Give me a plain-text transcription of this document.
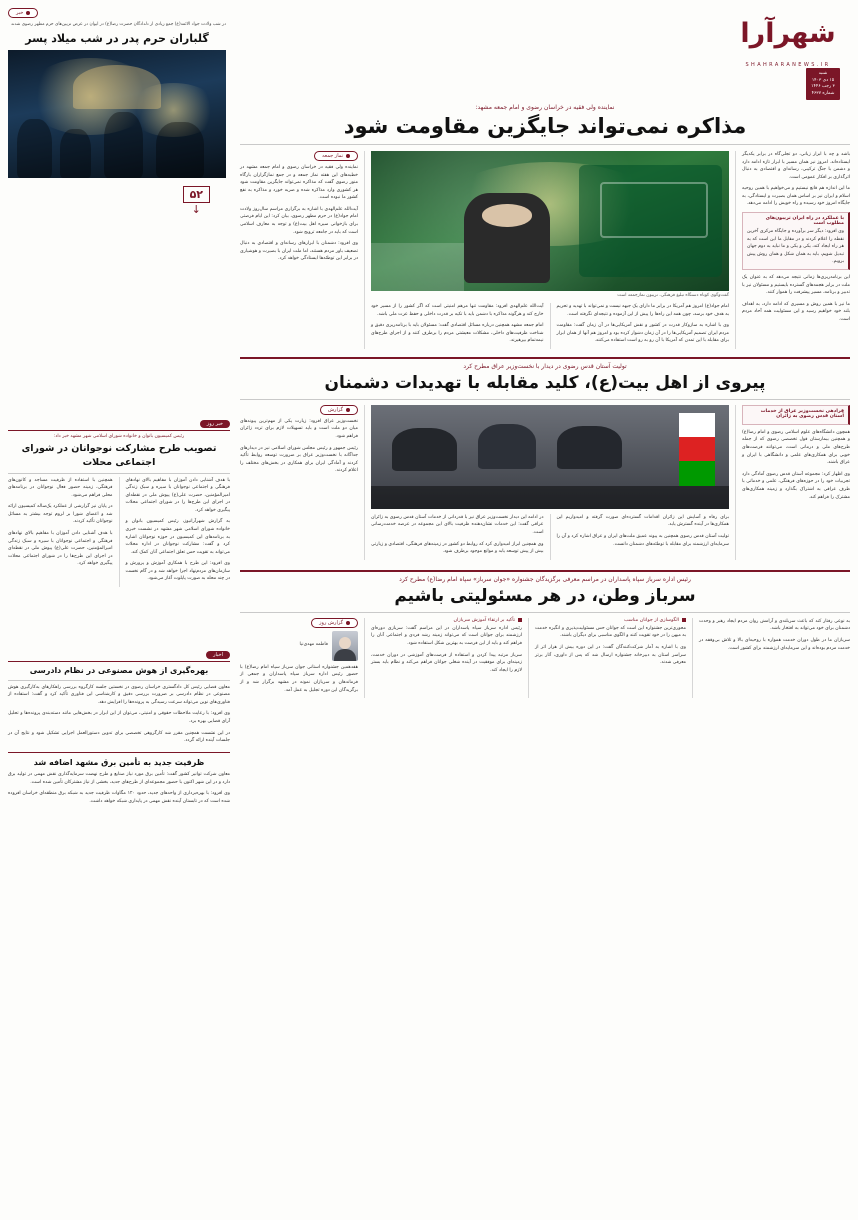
شهرآرا
SHAHRARANEWS.IR
شنبه
۱۵ دی ۱۴۰۳
۳ رجب ۱۴۴۶
شماره ۴۶۳۷
۵۲
↓
خبر
در شب ولادت جواد الائمه(ع) جمع زیادی از دلدادگان حضرت رضا(ع) در ایوان در عرض تزیین‌های حرم مطهر رضوی شدند
گلباران حرم پدر در شب میلاد پسر
نماینده ولی فقیه در خراسان رضوی و امام جمعه مشهد:
مذاکره نمی‌تواند جایگزین مقاومت شود

باشد و چه با ابزار زبانی، دو تجلی‌گاه در برابر یکدیگر ایستاده‌اند. امروز نیز همان مسیر با ابزار تازه ادامه دارد و دشمن با جنگ ترکیبی، رسانه‌ای و اقتصادی به دنبال اثرگذاری بر افکار عمومی است.

ما این اندازه هم قانع نیستیم و می‌خواهیم با همین روحیه اسلام و ایران نیز بر اساس همان بصیرت و ایستادگی، به جایگاه امروز خود رسیده و راه خویش را ادامه می‌دهد.

با عملکرد در راه ایران تریبون‌های مطلوب است
وی افزود: دیگر سر برآورده و جایگاه مرکزی آخرین نقطه را اعلام کردند و در مقابل ما این است که به هر راه ایجاد کند، یکی و یکی و ما نباید به دوم جهان تبدیل شویم، باید به همان شکل و همان روش پیش برویم.

این برنامه‌ریزی‌ها زمانی نتیجه می‌دهد که به عنوان یک ملت در برابر هجمه‌های گسترده بایستیم و مسئولان نیز با تدبیر و برنامه، مسیر پیشرفت را هموار کنند.

ما نیز با همین روش و مسیری که ادامه دارد، به اهداف بلند خود خواهیم رسید و این مسئولیت همه آحاد مردم است.

گفت‌وگوی کوتاه دستگاه تبلیغ فرهنگی، تریبون نمازجمعه است

امام جواد(ع) امروز هم آمریکا در برابر ما دارای یک جبهه نیست و نمی‌تواند با تهدید و تحریم به هدف خود برسد، چون همه این راه‌ها را پیش از این آزموده و نتیجه‌ای نگرفته است.

وی با اشاره به سازوکار قدرت در کشور و نقش آمریکایی‌ها در آن زمان گفت: مقاومت مردم ایران تصمیم آمریکایی‌ها را در آن زمان دشوار کرده بود و امروز هم آنها از همان ابزار برای مقابله با این تمدن که آمریکا با آن رو به رو است استفاده می‌کنند.

آیت‌الله علم‌الهدی افزود: مقاومت تنها مرهم امنیتی است که اگر کشور را از مسیر خود خارج کند و هرگونه مذاکره با دشمن باید با تکیه بر قدرت داخلی و حفظ عزت ملی باشد.

امام جمعه مشهد همچنین درباره مسائل اقتصادی گفت: مسئولان باید با برنامه‌ریزی دقیق و شناخت ظرفیت‌های داخلی، مشکلات معیشتی مردم را برطرف کنند و از اجرای طرح‌های نیمه‌تمام بپرهیزند.

نماز جمعه

نماینده ولی فقیه در خراسان رضوی و امام جمعه مشهد در خطبه‌های این هفته نماز جمعه و در جمع نمازگزاران بارگاه منور رضوی گفت که مذاکره نمی‌تواند جایگزین مقاومت شود هر کشوری وارد مذاکره شده و ضربه خورد و مذاکره به نفع کشور ما نبوده است.

آیت‌الله علم‌الهدی با اشاره به برگزاری مراسم سال‌روز ولادت امام جواد(ع) در حرم مطهر رضوی، بیان کرد: این ایام فرصتی برای بازخوانی سیره اهل بیت(ع) و توجه به معارف اسلامی است که باید در جامعه ترویج شود.

وی افزود: دشمنان با ابزارهای رسانه‌ای و اقتصادی به دنبال تضعیف باور مردم هستند، اما ملت ایران با بصیرت و هوشیاری در برابر این توطئه‌ها ایستادگی خواهد کرد.

تولیت آستان قدس رضوی در دیدار با نخست‌وزیر عراق مطرح کرد
پیروی از اهل بیت(ع)، کلید مقابله با تهدیدات دشمنان
فرادهی نخست‌وزیر عراق از خدمات آستان قدس رضوی به زائران

همچون دانشگاه‌های علوم اسلامی رضوی و امام رضا(ع) و همچنین بیمارستان قول تخصصی رضوی که از جمله طرح‌های ملی و درمانی است، می‌توانند فرصت‌های خوبی برای همکاری‌های علمی و دانشگاهی با ایران و عراق باشند.

وی اظهار کرد: مجموعه آستان قدس رضوی آمادگی دارد تجربیات خود را در حوزه‌های فرهنگی، علمی و خدماتی با طرف عراقی به اشتراک بگذارد و زمینه همکاری‌های مشترک را فراهم کند.

برای رفاه و آسایش این زائران اقدامات گسترده‌ای صورت گرفته و امیدواریم این همکاری‌ها در آینده گسترش یابد.

تولیت آستان قدس رضوی همچنین به پیوند عمیق ملت‌های ایران و عراق اشاره کرد و آن را سرمایه‌ای ارزشمند برای مقابله با توطئه‌های دشمنان دانست.

در ادامه این دیدار نخست‌وزیر عراق نیز با قدردانی از خدمات آستان قدس رضوی به زائران عراقی گفت: این خدمات نشان‌دهنده ظرفیت بالای این مجموعه در عرصه خدمت‌رسانی است.

وی همچنین ابراز امیدواری کرد که روابط دو کشور در زمینه‌های فرهنگی، اقتصادی و زیارتی بیش از پیش توسعه یابد و موانع موجود برطرف شود.

گزارش

نخست‌وزیر عراق افزود: زیارت یکی از مهم‌ترین پیوندهای میان دو ملت است و باید تسهیلات لازم برای تردد زائران فراهم شود.

رئیس جمهور و رئیس مجلس شورای اسلامی نیز در دیدارهای جداگانه با نخست‌وزیر عراق بر ضرورت توسعه روابط تأکید کردند و آمادگی ایران برای همکاری در بخش‌های مختلف را اعلام کردند.

رئیس اداره سرباز سپاه پاسداران در مراسم معرفی برگزیدگان جشنواره «جوان سرباز» سپاه امام رضا(ع) مطرح کرد
سرباز وطن، در هر مسئولیتی باشیم

به نوعی رفتار کند که باعث سربلندی و آرامش روان مردم ایجاد رهبر و وحدت دشمنان برای خود می‌تواند به افتخار باشد.

سربازان ما در طول دوران خدمت همواره با روحیه‌ای بالا و تلاش بی‌وقفه در خدمت مردم بوده‌اند و این سرمایه‌ای ارزشمند برای کشور است.

الگوسازی از جوانان مناسب

محوری‌ترین جشنواره این است که جوانان حس مسئولیت‌پذیری و انگیزه خدمت به میهن را در خود تقویت کنند و الگوی مناسبی برای دیگران باشند.

وی با اشاره به آمار شرکت‌کنندگان گفت: در این دوره بیش از هزار اثر از سراسر استان به دبیرخانه جشنواره ارسال شد که پس از داوری، آثار برتر معرفی شدند.

تأکید بر ارتقاء آموزش سربازان

رئیس اداره سرباز سپاه پاسداران در این مراسم گفت: سربازی دوره‌ای ارزشمند برای جوانان است که می‌تواند زمینه رشد فردی و اجتماعی آنان را فراهم کند و باید از این فرصت به بهترین شکل استفاده شود.

سرباز مرتبه پیدا کردن و استفاده از فرصت‌های آموزشی در دوران خدمت، زمینه‌ای برای موفقیت در آینده شغلی جوانان فراهم می‌کند و نظام باید بستر لازم را ایجاد کند.

گزارش روز
فاطمه مهدی‌نیا

هفدهمین جشنواره استانی جوان سرباز سپاه امام رضا(ع) با حضور رئیس اداره سرباز سپاه پاسداران و جمعی از فرماندهان و سربازان نمونه در مشهد برگزار شد و از برگزیدگان این دوره تجلیل به عمل آمد.

خبر روز
رئیس کمیسیون بانوان و خانواده شورای اسلامی شهر مشهد خبر داد:
تصویب طرح مشارکت نوجوانان در شورای اجتماعی محلات

با هدف آشنایی دادن آموزان با مفاهیم بالای نهادهای فرهنگی و اجتماعی نوجوانان با سیره و سبک زندگی امیرالمؤمنین، حضرت علی(ع) پیوش ملی در نقطه‌ای در اجرای این طرح‌ها را در شورای اجتماعی محلات پیگیری خواهد کرد.

به گزارش شهرآرانیوز، رئیس کمیسیون بانوان و خانواده شورای اسلامی شهر مشهد در نشست خبری به برنامه‌های این کمیسیون در حوزه نوجوانان اشاره کرد و گفت: مشارکت نوجوانان در اداره محلات می‌تواند به تقویت حس تعلق اجتماعی آنان کمک کند.

وی افزود: این طرح با همکاری آموزش و پرورش و سازمان‌های مردم‌نهاد اجرا خواهد شد و در گام نخست در چند محله به صورت پایلوت آغاز می‌شود.

همچنین با استفاده از ظرفیت مساجد و کانون‌های فرهنگی، زمینه حضور فعال نوجوانان در برنامه‌های محلی فراهم می‌شود.

در پایان نیز گزارشی از عملکرد یک‌ساله کمیسیون ارائه شد و اعضای شورا بر لزوم توجه بیشتر به مسائل نوجوانان تأکید کردند.

با هدف آشنایی دادن آموزان با مفاهیم بالای نهادهای فرهنگی و اجتماعی نوجوانان با سیره و سبک زندگی امیرالمؤمنین، حضرت علی(ع) پیوش ملی در نقطه‌ای در اجرای این طرح‌ها را در شورای اجتماعی محلات پیگیری خواهد کرد.

اخبار
بهره‌گیری از هوش مصنوعی در نظام دادرسی

معاون قضایی رئیس کل دادگستری خراسان رضوی در نخستین جلسه کارگروه بررسی راهکارهای به‌کارگیری هوش مصنوعی در نظام دادرسی بر ضرورت بررسی دقیق و کارشناسی این فناوری تأکید کرد و گفت: استفاده از فناوری‌های نوین می‌تواند سرعت رسیدگی به پرونده‌ها را افزایش دهد.

وی افزود: با رعایت ملاحظات حقوقی و امنیتی، می‌توان از این ابزار در بخش‌هایی مانند دسته‌بندی پرونده‌ها و تحلیل آرای قضایی بهره برد.

در این نشست همچنین مقرر شد کارگروهی تخصصی برای تدوین دستورالعمل اجرایی تشکیل شود و نتایج آن در جلسات آینده ارائه گردد.

ظرفیت جدید به تأمین برق مشهد اضافه شد

معاون شرکت توانیر کشور گفت: تأمین برق مورد نیاز صنایع و طرح نهضت سرمایه‌گذاری نقش مهمی در تولید برق دارد و در این شهر اکنون با حضور مجموعه‌ای از طرح‌های جدید، بخشی از نیاز مشترکان تأمین شده است.

وی افزود: با بهره‌برداری از واحدهای جدید، حدود ۱۲۰ مگاوات ظرفیت جدید به شبکه برق منطقه‌ای خراسان افزوده شده است که در تابستان آینده نقش مهمی در پایداری شبکه خواهد داشت.
